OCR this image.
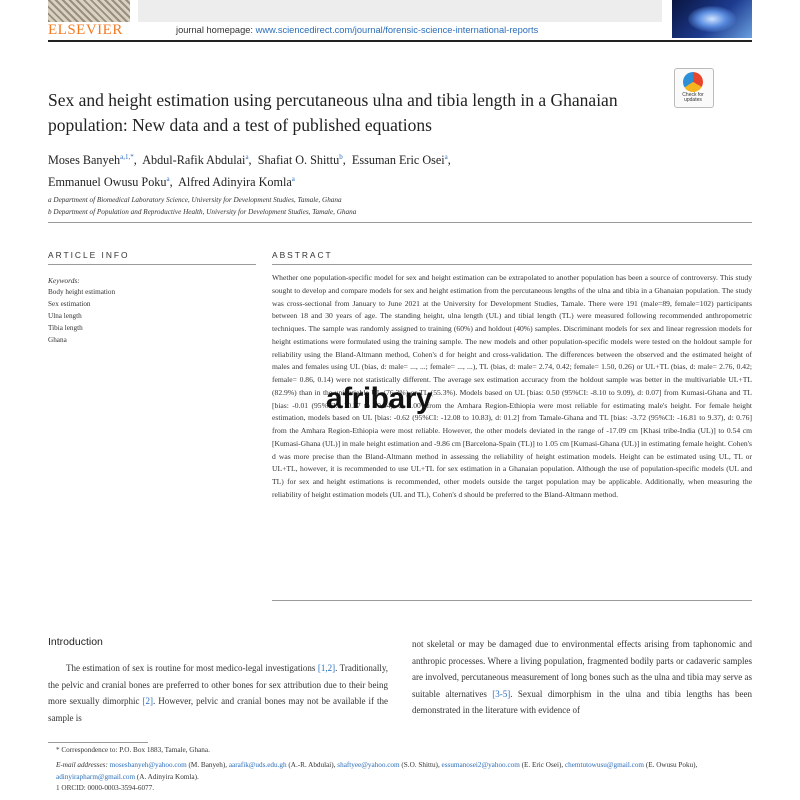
ELSEVIER	journal homepage: www.sciencedirect.com/journal/forensic-science-international-reports
Check for updates
Sex and height estimation using percutaneous ulna and tibia length in a Ghanaian population: New data and a test of published equations
Moses Banyeh$^{a,1,*}$,  Abdul-Rafik Abdulai$^a$,  Shafiat O. Shittu$^b$,  Essuman Eric Osei$^a$,
Emmanuel Owusu Poku$^a$,  Alfred Adinyira Komla$^a$
a Department of Biomedical Laboratory Science, University for Development Studies, Tamale, Ghana
b Department of Population and Reproductive Health, University for Development Studies, Tamale, Ghana
ARTICLE INFO
Keywords:
Body height estimation
Sex estimation
Ulna length
Tibia length
Ghana
ABSTRACT
Whether one population-specific model for sex and height estimation can be extrapolated to another population has been a source of controversy. This study sought to develop and compare models for sex and height estimation from the percutaneous lengths of the ulna and tibia in a Ghanaian population. The study was cross-sectional from January to June 2021 at the University for Development Studies, Tamale. There were 191 (male=89, female=102) participants between 18 and 30 years of age. The standing height, ulna length (UL) and tibial length (TL) were measured following recommended anthropometric techniques. The sample was randomly assigned to training (60%) and holdout (40%) samples. Discriminant models for sex and linear regression models for height estimations were formulated using the training sample. The new models and other population-specific models were tested on the holdout sample for reliability using the Bland-Altmann method, Cohen's d for height and cross-validation. The differences between the observed and the estimated height of males and females using UL (bias, d: male= ..., ...; female= ..., ...), TL (bias, d: male= 2.74, 0.42; female= 1.50, 0.26) or UL+TL (bias, d: male= 2.76, 0.42; female= 0.86, 0.14) were not statistically different. The average sex estimation accuracy from the holdout sample was better in the multivariable UL+TL (82.9%) than in the univariable UL (76.3%) or TL (55.3%). Models based on UL [bias: 0.50 (95%CI: -8.10 to 9.09), d: 0.07] from Kumasi-Ghana and TL [bias: -0.01 (95%CI: -10.37 to 10.34), d: 0.00] from the Amhara Region-Ethiopia were most reliable for estimating male's height. For female height estimation, models based on UL [bias: -0.62 (95%CI: -12.08 to 10.83), d: 01.2] from Tamale-Ghana and TL [bias: -3.72 (95%CI: -16.81 to 9.37), d: 0.76] from the Amhara Region-Ethiopia were most reliable. However, the other models deviated in the range of -17.09 cm [Khasi tribe-India (UL)] to 0.54 cm [Kumasi-Ghana (UL)] in male height estimation and -9.86 cm [Barcelona-Spain (TL)] to 1.05 cm [Kumasi-Ghana (UL)] in estimating female height. Cohen's d was more precise than the Bland-Altmann method in assessing the reliability of height estimation models. Height can be estimated using UL, TL or UL+TL, however, it is recommended to use UL+TL for sex estimation in a Ghanaian population. Although the use of population-specific models (UL and TL) for sex and height estimations is recommended, other models outside the target population may be applicable. Additionally, when measuring the reliability of height estimation models (UL and TL), Cohen's d should be preferred to the Bland-Altmann method.
afribary
Introduction
The estimation of sex is routine for most medico-legal investigations [1,2]. Traditionally, the pelvic and cranial bones are preferred to other bones for sex attribution due to their being more sexually dimorphic [2]. However, pelvic and cranial bones may not be available if the sample is
not skeletal or may be damaged due to environmental effects arising from taphonomic and anthropic processes. Where a living population, fragmented bodily parts or cadaveric samples are involved, percutaneous measurement of long bones such as the ulna and tibia may serve as suitable alternatives [3-5]. Sexual dimorphism in the ulna and tibia lengths has been demonstrated in the literature with evidence of
* Correspondence to: P.O. Box 1883, Tamale, Ghana.
E-mail addresses: mosesbanyeh@yahoo.com (M. Banyeh), aarafik@uds.edu.gh (A.-R. Abdulai), shaftyee@yahoo.com (S.O. Shittu), essumanosei2@yahoo.com (E. Eric Osei), chemtutowusu@gmail.com (E. Owusu Poku), adinyirapharm@gmail.com (A. Adinyira Komla).
1 ORCID: 0000-0003-3594-6077.
